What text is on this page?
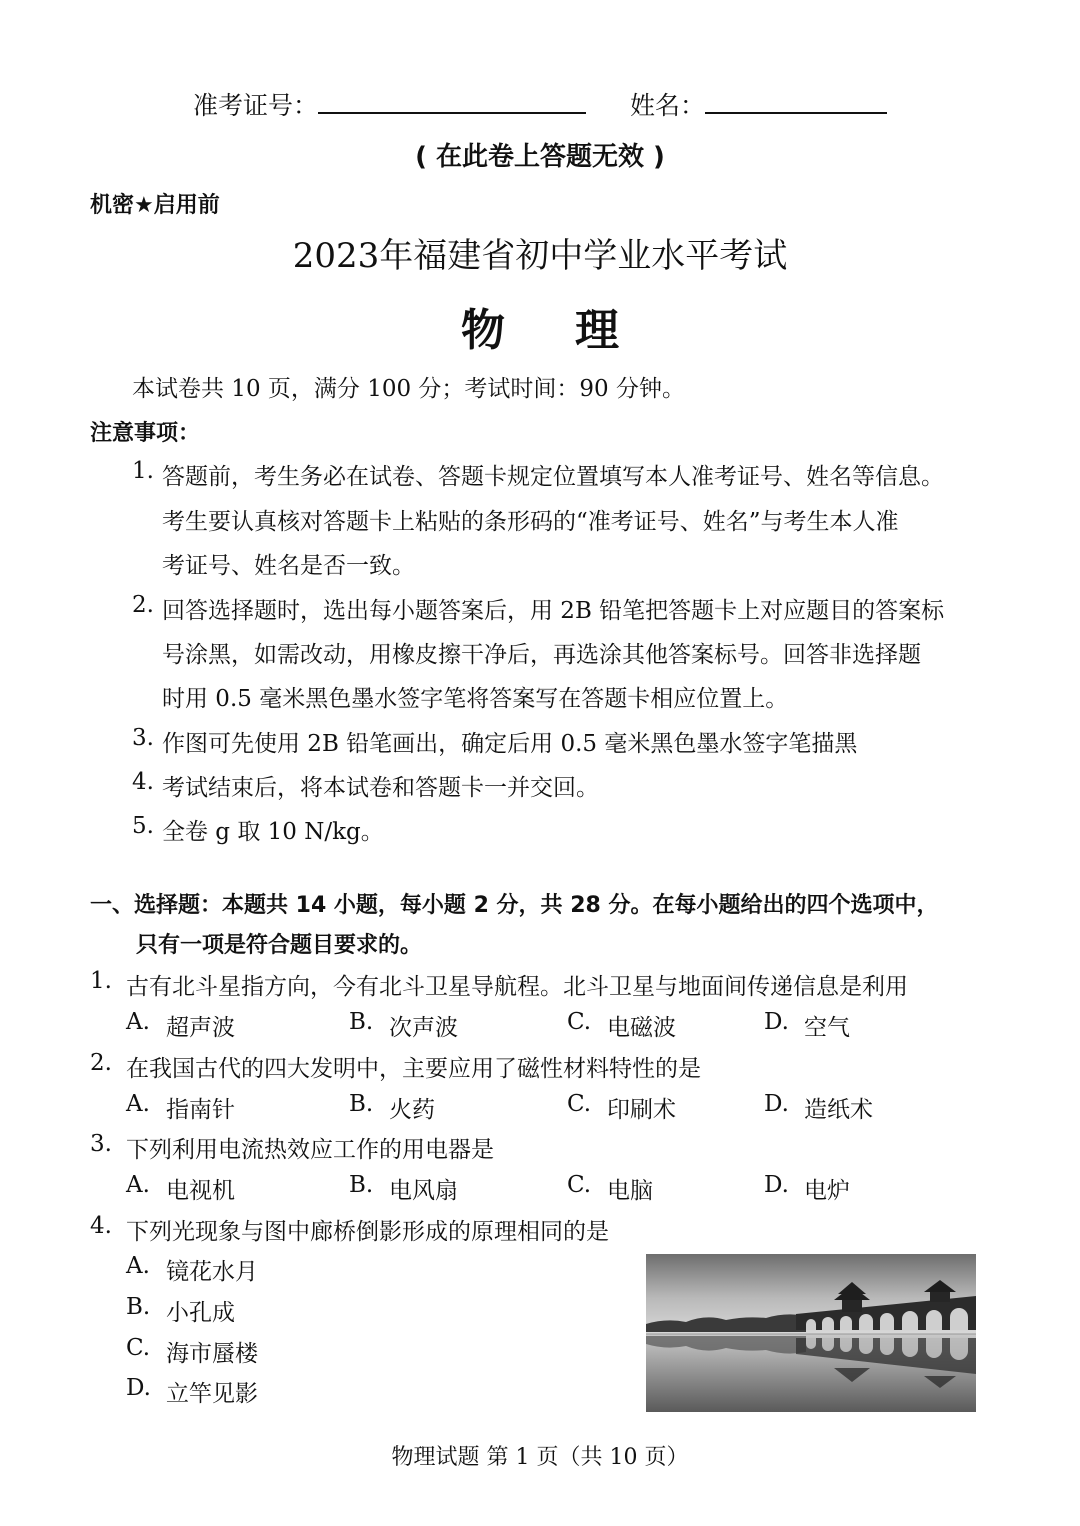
准考证号：	姓名：
( 在此卷上答题无效 )
机密★启用前
2023年福建省初中学业水平考试
物理
本试卷共 10 页，满分 100 分；考试时间：90 分钟。
注意事项：
1. 答题前，考生务必在试卷、答题卡规定位置填写本人准考证号、姓名等信息。
考生要认真核对答题卡上粘贴的条形码的“准考证号、姓名”与考生本人准
考证号、姓名是否一致。
2. 回答选择题时，选出每小题答案后，用 2B 铅笔把答题卡上对应题目的答案标
号涂黑，如需改动，用橡皮擦干净后，再选涂其他答案标号。回答非选择题
时用 0.5 毫米黑色墨水签字笔将答案写在答题卡相应位置上。
3. 作图可先使用 2B 铅笔画出，确定后用 0.5 毫米黑色墨水签字笔描黑
4. 考试结束后，将本试卷和答题卡一并交回。
5. 全卷 g 取 10 N/kg。
一、选择题：本题共 14 小题，每小题 2 分，共 28 分。在每小题给出的四个选项中，
只有一项是符合题目要求的。
1. 古有北斗星指方向，今有北斗卫星导航程。北斗卫星与地面间传递信息是利用
A. 超声波	B. 次声波	C. 电磁波	D. 空气
2. 在我国古代的四大发明中，主要应用了磁性材料特性的是
A. 指南针	B. 火药	C. 印刷术	D. 造纸术
3. 下列利用电流热效应工作的用电器是
A. 电视机	B. 电风扇	C. 电脑	D. 电炉
4. 下列光现象与图中廊桥倒影形成的原理相同的是
A. 镜花水月
B. 小孔成
C. 海市蜃楼
D. 立竿见影
物理试题 第 1 页（共 10 页）
